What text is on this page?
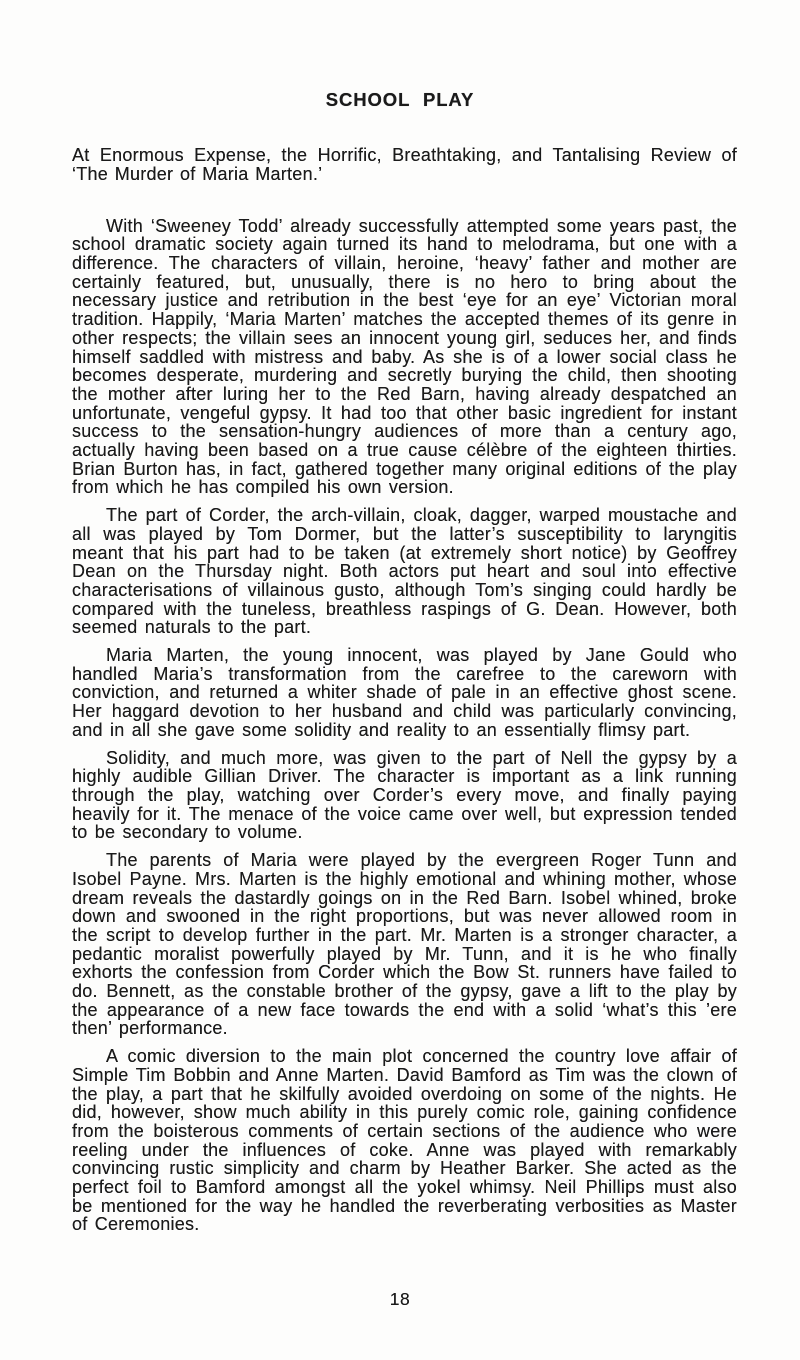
SCHOOL PLAY

At Enormous Expense, the Horrific, Breathtaking, and Tantalising Review of ‘The Murder of Maria Marten.’

With ‘Sweeney Todd’ already successfully attempted some years past, the school dramatic society again turned its hand to melodrama, but one with a difference. The characters of villain, heroine, ‘heavy’ father and mother are certainly featured, but, unusually, there is no hero to bring about the necessary justice and retribution in the best ‘eye for an eye’ Victorian moral tradition. Happily, ‘Maria Marten’ matches the accepted themes of its genre in other respects; the villain sees an innocent young girl, seduces her, and finds himself saddled with mistress and baby. As she is of a lower social class he becomes desperate, murdering and secretly burying the child, then shooting the mother after luring her to the Red Barn, having already despatched an unfortunate, vengeful gypsy. It had too that other basic ingredient for instant success to the sensation-hungry audiences of more than a century ago, actually having been based on a true cause célèbre of the eighteen thirties. Brian Burton has, in fact, gathered together many original editions of the play from which he has compiled his own version.

The part of Corder, the arch-villain, cloak, dagger, warped moustache and all was played by Tom Dormer, but the latter’s susceptibility to laryngitis meant that his part had to be taken (at extremely short notice) by Geoffrey Dean on the Thursday night. Both actors put heart and soul into effective characterisations of villainous gusto, although Tom’s singing could hardly be compared with the tuneless, breathless raspings of G. Dean. However, both seemed naturals to the part.

Maria Marten, the young innocent, was played by Jane Gould who handled Maria’s transformation from the carefree to the careworn with conviction, and returned a whiter shade of pale in an effective ghost scene. Her haggard devotion to her husband and child was particularly convincing, and in all she gave some solidity and reality to an essentially flimsy part.

Solidity, and much more, was given to the part of Nell the gypsy by a highly audible Gillian Driver. The character is important as a link running through the play, watching over Corder’s every move, and finally paying heavily for it. The menace of the voice came over well, but expression tended to be secondary to volume.

The parents of Maria were played by the evergreen Roger Tunn and Isobel Payne. Mrs. Marten is the highly emotional and whining mother, whose dream reveals the dastardly goings on in the Red Barn. Isobel whined, broke down and swooned in the right proportions, but was never allowed room in the script to develop further in the part. Mr. Marten is a stronger character, a pedantic moralist powerfully played by Mr. Tunn, and it is he who finally exhorts the confession from Corder which the Bow St. runners have failed to do. Bennett, as the constable brother of the gypsy, gave a lift to the play by the appearance of a new face towards the end with a solid ‘what’s this ’ere then’ performance.

A comic diversion to the main plot concerned the country love affair of Simple Tim Bobbin and Anne Marten. David Bamford as Tim was the clown of the play, a part that he skilfully avoided overdoing on some of the nights. He did, however, show much ability in this purely comic role, gaining confidence from the boisterous comments of certain sections of the audience who were reeling under the influences of coke. Anne was played with remarkably convincing rustic simplicity and charm by Heather Barker. She acted as the perfect foil to Bamford amongst all the yokel whimsy. Neil Phillips must also be mentioned for the way he handled the reverberating verbosities as Master of Ceremonies.

18
